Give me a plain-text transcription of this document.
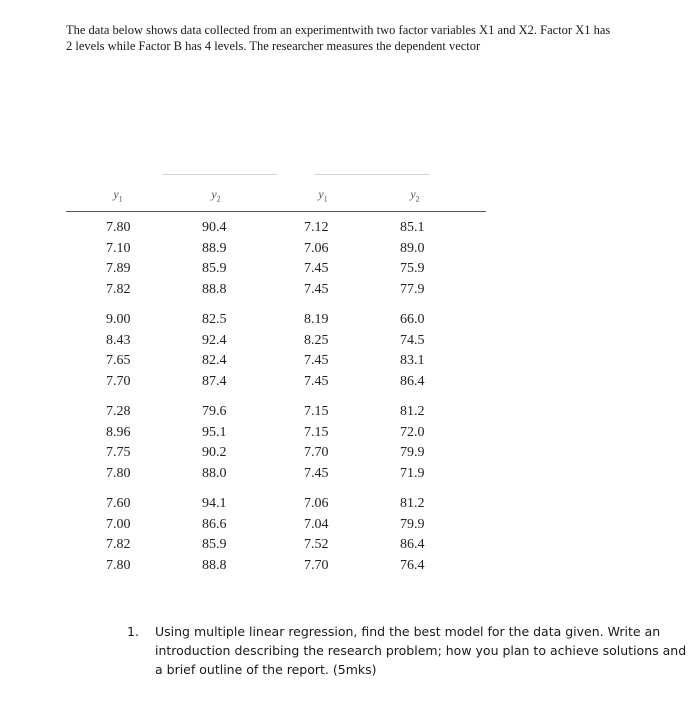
The data below shows data collected from an experimentwith two factor variables X1 and X2. Factor X1 has
2 levels while Factor B has 4 levels. The researcher measures the dependent vector
$y_1$	$y_2$	$y_1$	$y_2$
7.80	90.4	7.12	85.1
7.10	88.9	7.06	89.0
7.89	85.9	7.45	75.9
7.82	88.8	7.45	77.9
9.00	82.5	8.19	66.0
8.43	92.4	8.25	74.5
7.65	82.4	7.45	83.1
7.70	87.4	7.45	86.4
7.28	79.6	7.15	81.2
8.96	95.1	7.15	72.0
7.75	90.2	7.70	79.9
7.80	88.0	7.45	71.9
7.60	94.1	7.06	81.2
7.00	86.6	7.04	79.9
7.82	85.9	7.52	86.4
7.80	88.8	7.70	76.4
1. Using multiple linear regression, find the best model for the data given. Write an
introduction describing the research problem; how you plan to achieve solutions and
a brief outline of the report. (5mks)
